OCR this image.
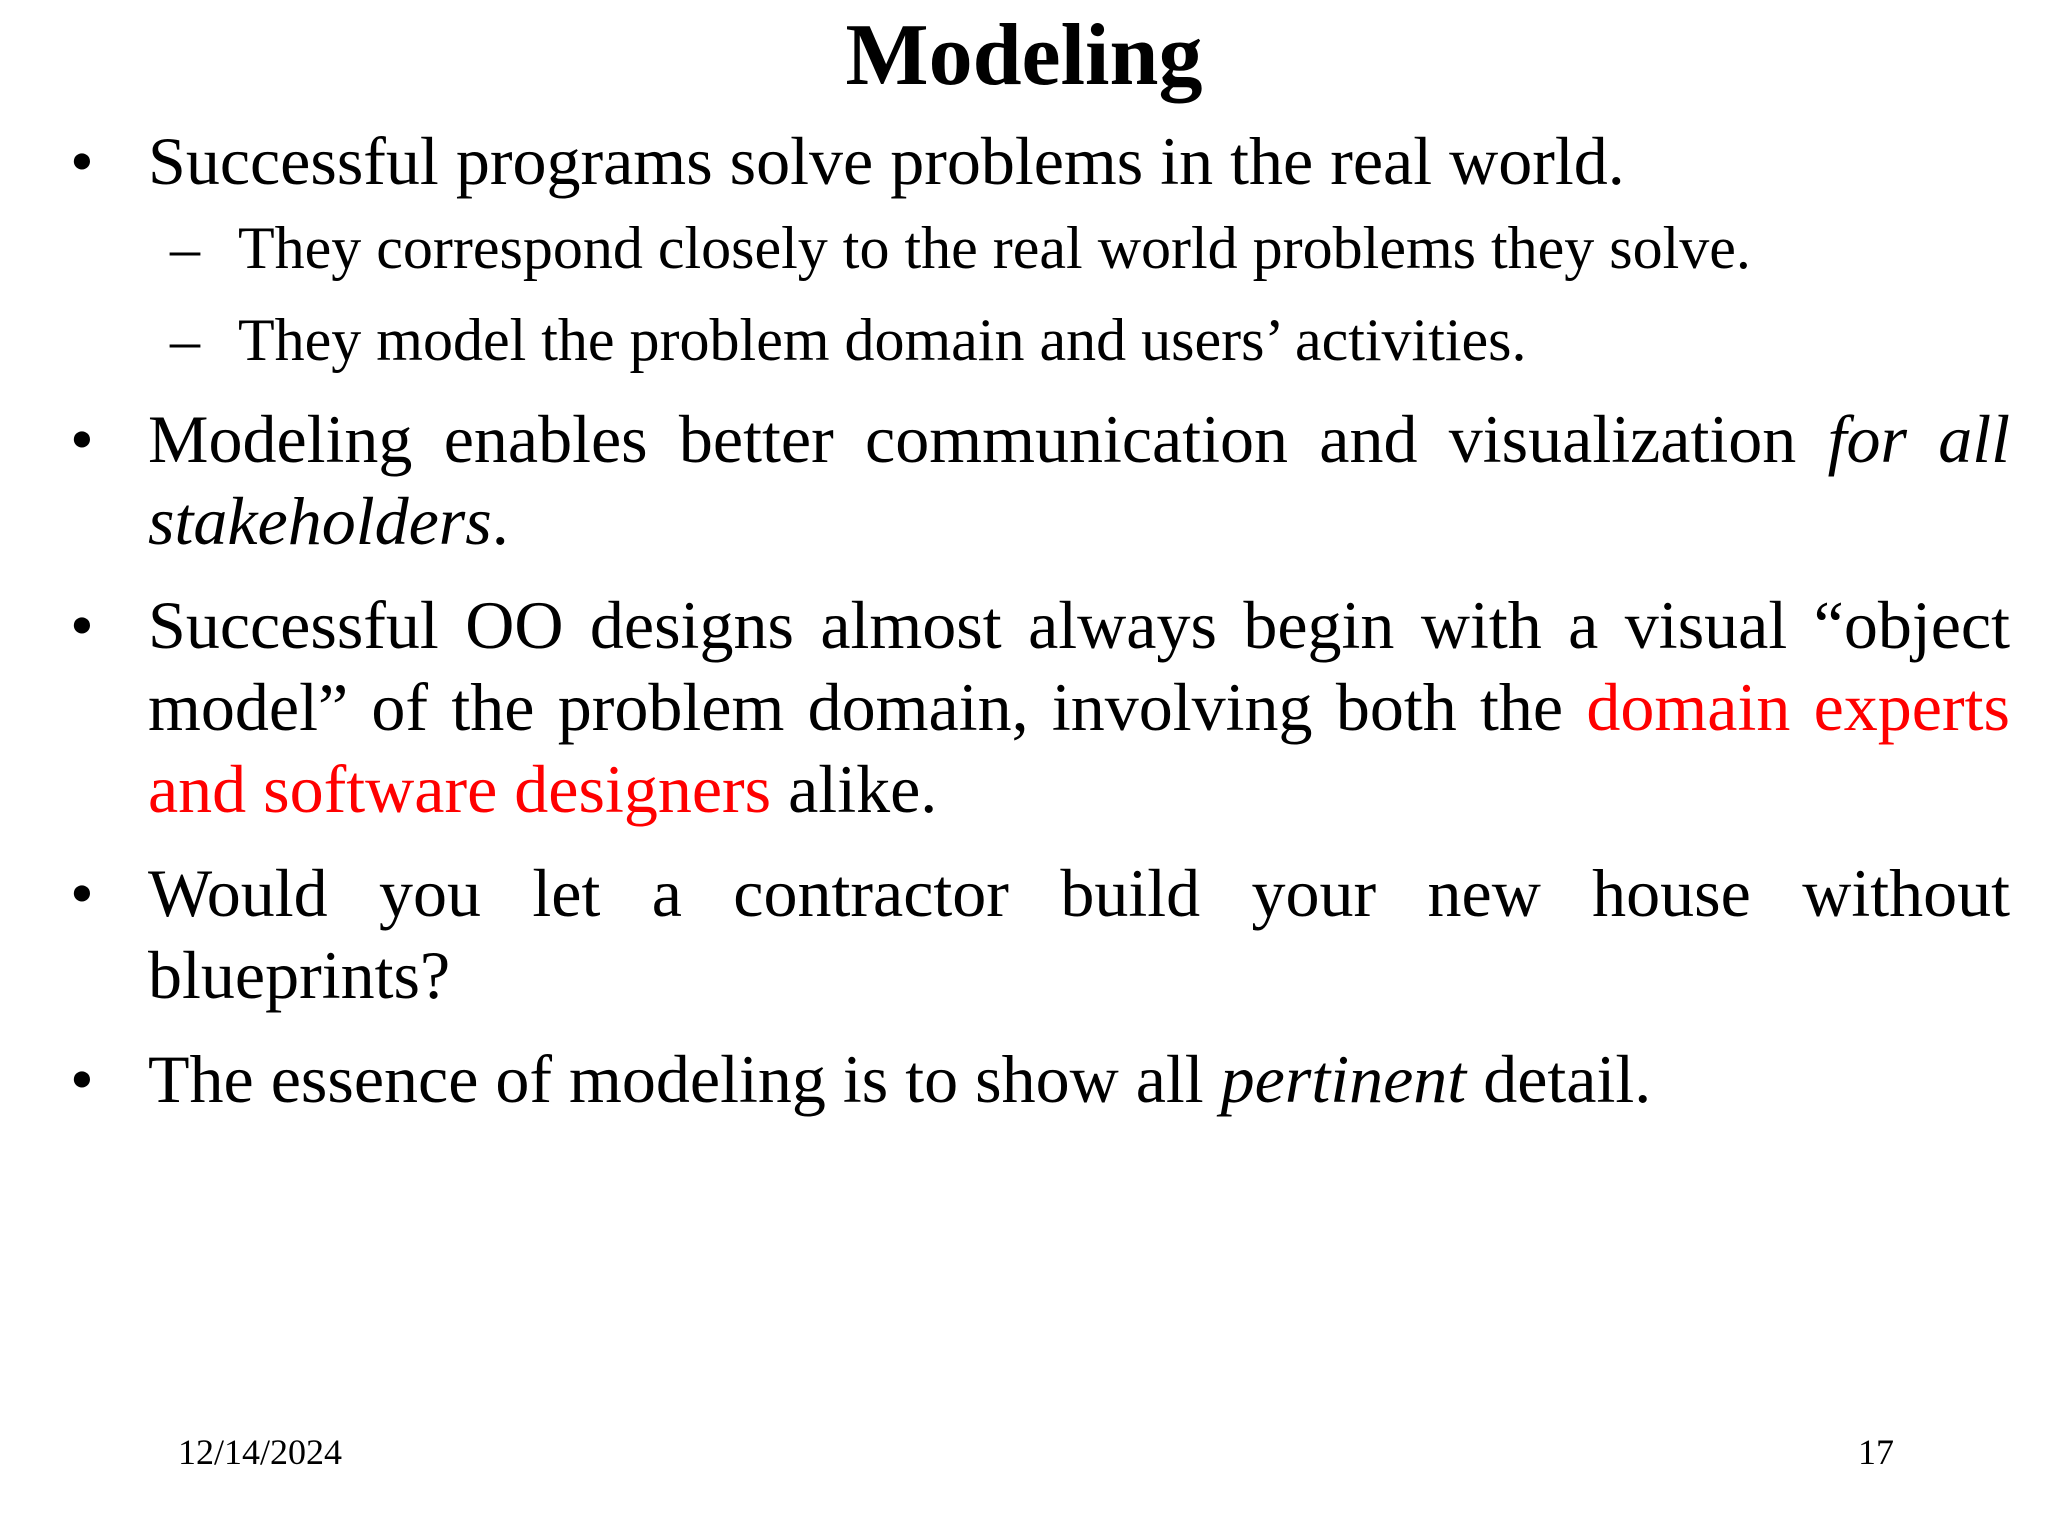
Modeling
• Successful programs solve problems in the real world.
– They correspond closely to the real world problems they solve.
– They model the problem domain and users’ activities.
• Modeling enables better communication and visualization for all stakeholders.
• Successful OO designs almost always begin with a visual “object model” of the problem domain, involving both the domain experts and software designers alike.
• Would you let a contractor build your new house without blueprints?
• The essence of modeling is to show all pertinent detail.
12/14/2024	17
